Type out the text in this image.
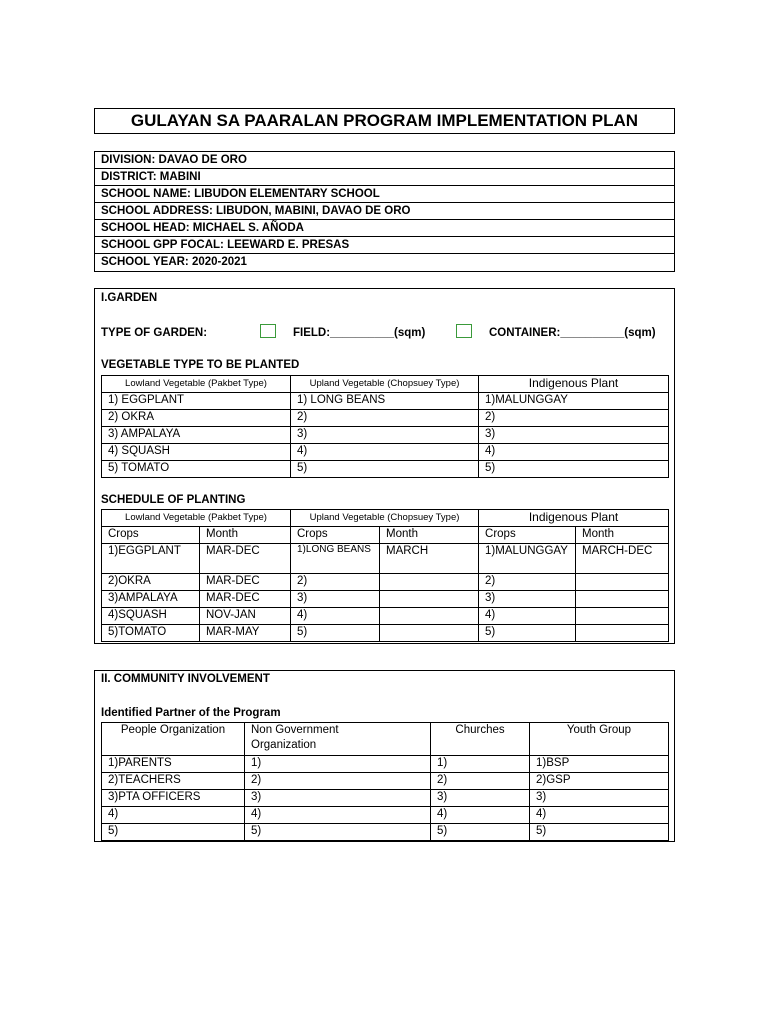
GULAYAN SA PAARALAN PROGRAM IMPLEMENTATION PLAN
DIVISION: DAVAO DE ORO
DISTRICT: MABINI
SCHOOL NAME: LIBUDON ELEMENTARY SCHOOL
SCHOOL ADDRESS: LIBUDON, MABINI, DAVAO DE ORO
SCHOOL HEAD: MICHAEL S. AÑODA
SCHOOL GPP FOCAL: LEEWARD E. PRESAS
SCHOOL YEAR: 2020-2021
I.GARDEN
TYPE OF GARDEN:	FIELD:__________(sqm)	CONTAINER:__________(sqm)
VEGETABLE TYPE TO BE PLANTED
Lowland Vegetable (Pakbet Type)	Upland Vegetable (Chopsuey Type)	Indigenous Plant
1) EGGPLANT	1) LONG BEANS	1)MALUNGGAY
2) OKRA	2)	2)
3) AMPALAYA	3)	3)
4) SQUASH	4)	4)
5) TOMATO	5)	5)
SCHEDULE OF PLANTING
Lowland Vegetable (Pakbet Type)		Upland Vegetable (Chopsuey Type)		Indigenous Plant	
Crops	Month	Crops	Month	Crops	Month
1)EGGPLANT	MAR-DEC	1)LONG BEANS	MARCH	1)MALUNGGAY	MARCH-DEC
2)OKRA	MAR-DEC	2)		2)	
3)AMPALAYA	MAR-DEC	3)		3)	
4)SQUASH	NOV-JAN	4)		4)	
5)TOMATO	MAR-MAY	5)		5)	
II. COMMUNITY INVOLVEMENT
Identified Partner of the Program
People Organization	Non Government Organization	Churches	Youth Group
1)PARENTS	1)	1)	1)BSP
2)TEACHERS	2)	2)	2)GSP
3)PTA OFFICERS	3)	3)	3)
4)	4)	4)	4)
5)	5)	5)	5)
